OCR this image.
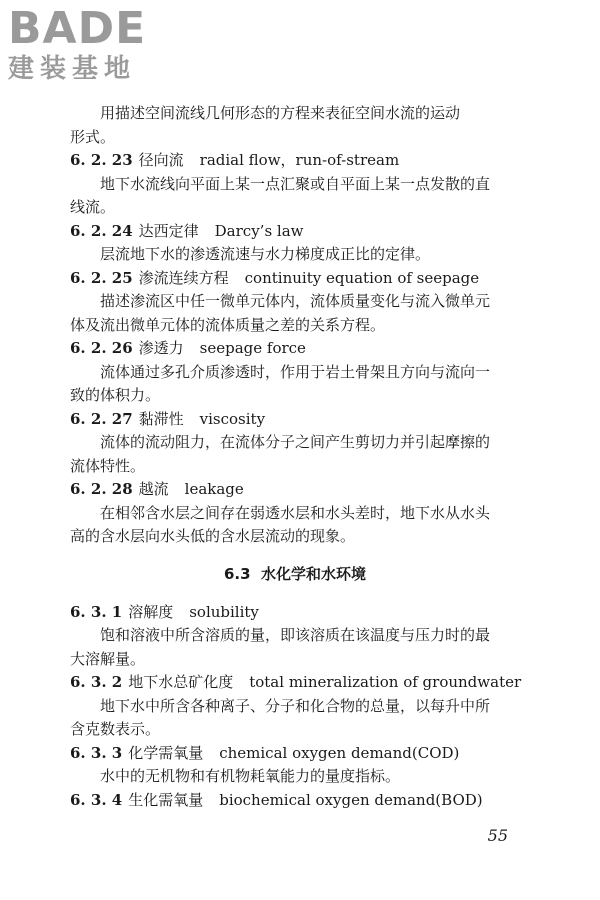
BADE
建装基地
用描述空间流线几何形态的方程来表征空间水流的运动
形式。
6. 2. 23 径向流 radial flow，run-of-stream
地下水流线向平面上某一点汇聚或自平面上某一点发散的直
线流。
6. 2. 24 达西定律 Darcy’s law
层流地下水的渗透流速与水力梯度成正比的定律。
6. 2. 25 渗流连续方程 continuity equation of seepage
描述渗流区中任一微单元体内，流体质量变化与流入微单元
体及流出微单元体的流体质量之差的关系方程。
6. 2. 26 渗透力 seepage force
流体通过多孔介质渗透时，作用于岩土骨架且方向与流向一
致的体积力。
6. 2. 27 黏滞性 viscosity
流体的流动阻力，在流体分子之间产生剪切力并引起摩擦的
流体特性。
6. 2. 28 越流 leakage
在相邻含水层之间存在弱透水层和水头差时，地下水从水头
高的含水层向水头低的含水层流动的现象。
6.3 水化学和水环境
6. 3. 1 溶解度 solubility
饱和溶液中所含溶质的量，即该溶质在该温度与压力时的最
大溶解量。
6. 3. 2 地下水总矿化度 total mineralization of groundwater
地下水中所含各种离子、分子和化合物的总量，以每升中所
含克数表示。
6. 3. 3 化学需氧量 chemical oxygen demand(COD)
水中的无机物和有机物耗氧能力的量度指标。
6. 3. 4 生化需氧量 biochemical oxygen demand(BOD)
55
